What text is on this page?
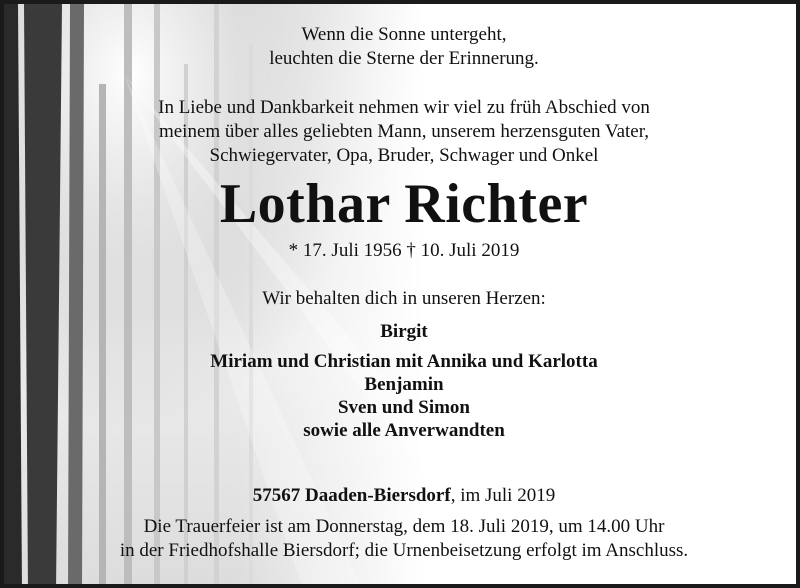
Wenn die Sonne untergeht,
leuchten die Sterne der Erinnerung.
In Liebe und Dankbarkeit nehmen wir viel zu früh Abschied von
meinem über alles geliebten Mann, unserem herzensguten Vater,
Schwiegervater, Opa, Bruder, Schwager und Onkel
Lothar Richter
* 17. Juli 1956 † 10. Juli 2019
Wir behalten dich in unseren Herzen:
Birgit
Miriam und Christian mit Annika und Karlotta
Benjamin
Sven und Simon
sowie alle Anverwandten
57567 Daaden-Biersdorf, im Juli 2019
Die Trauerfeier ist am Donnerstag, dem 18. Juli 2019, um 14.00 Uhr
in der Friedhofshalle Biersdorf; die Urnenbeisetzung erfolgt im Anschluss.
